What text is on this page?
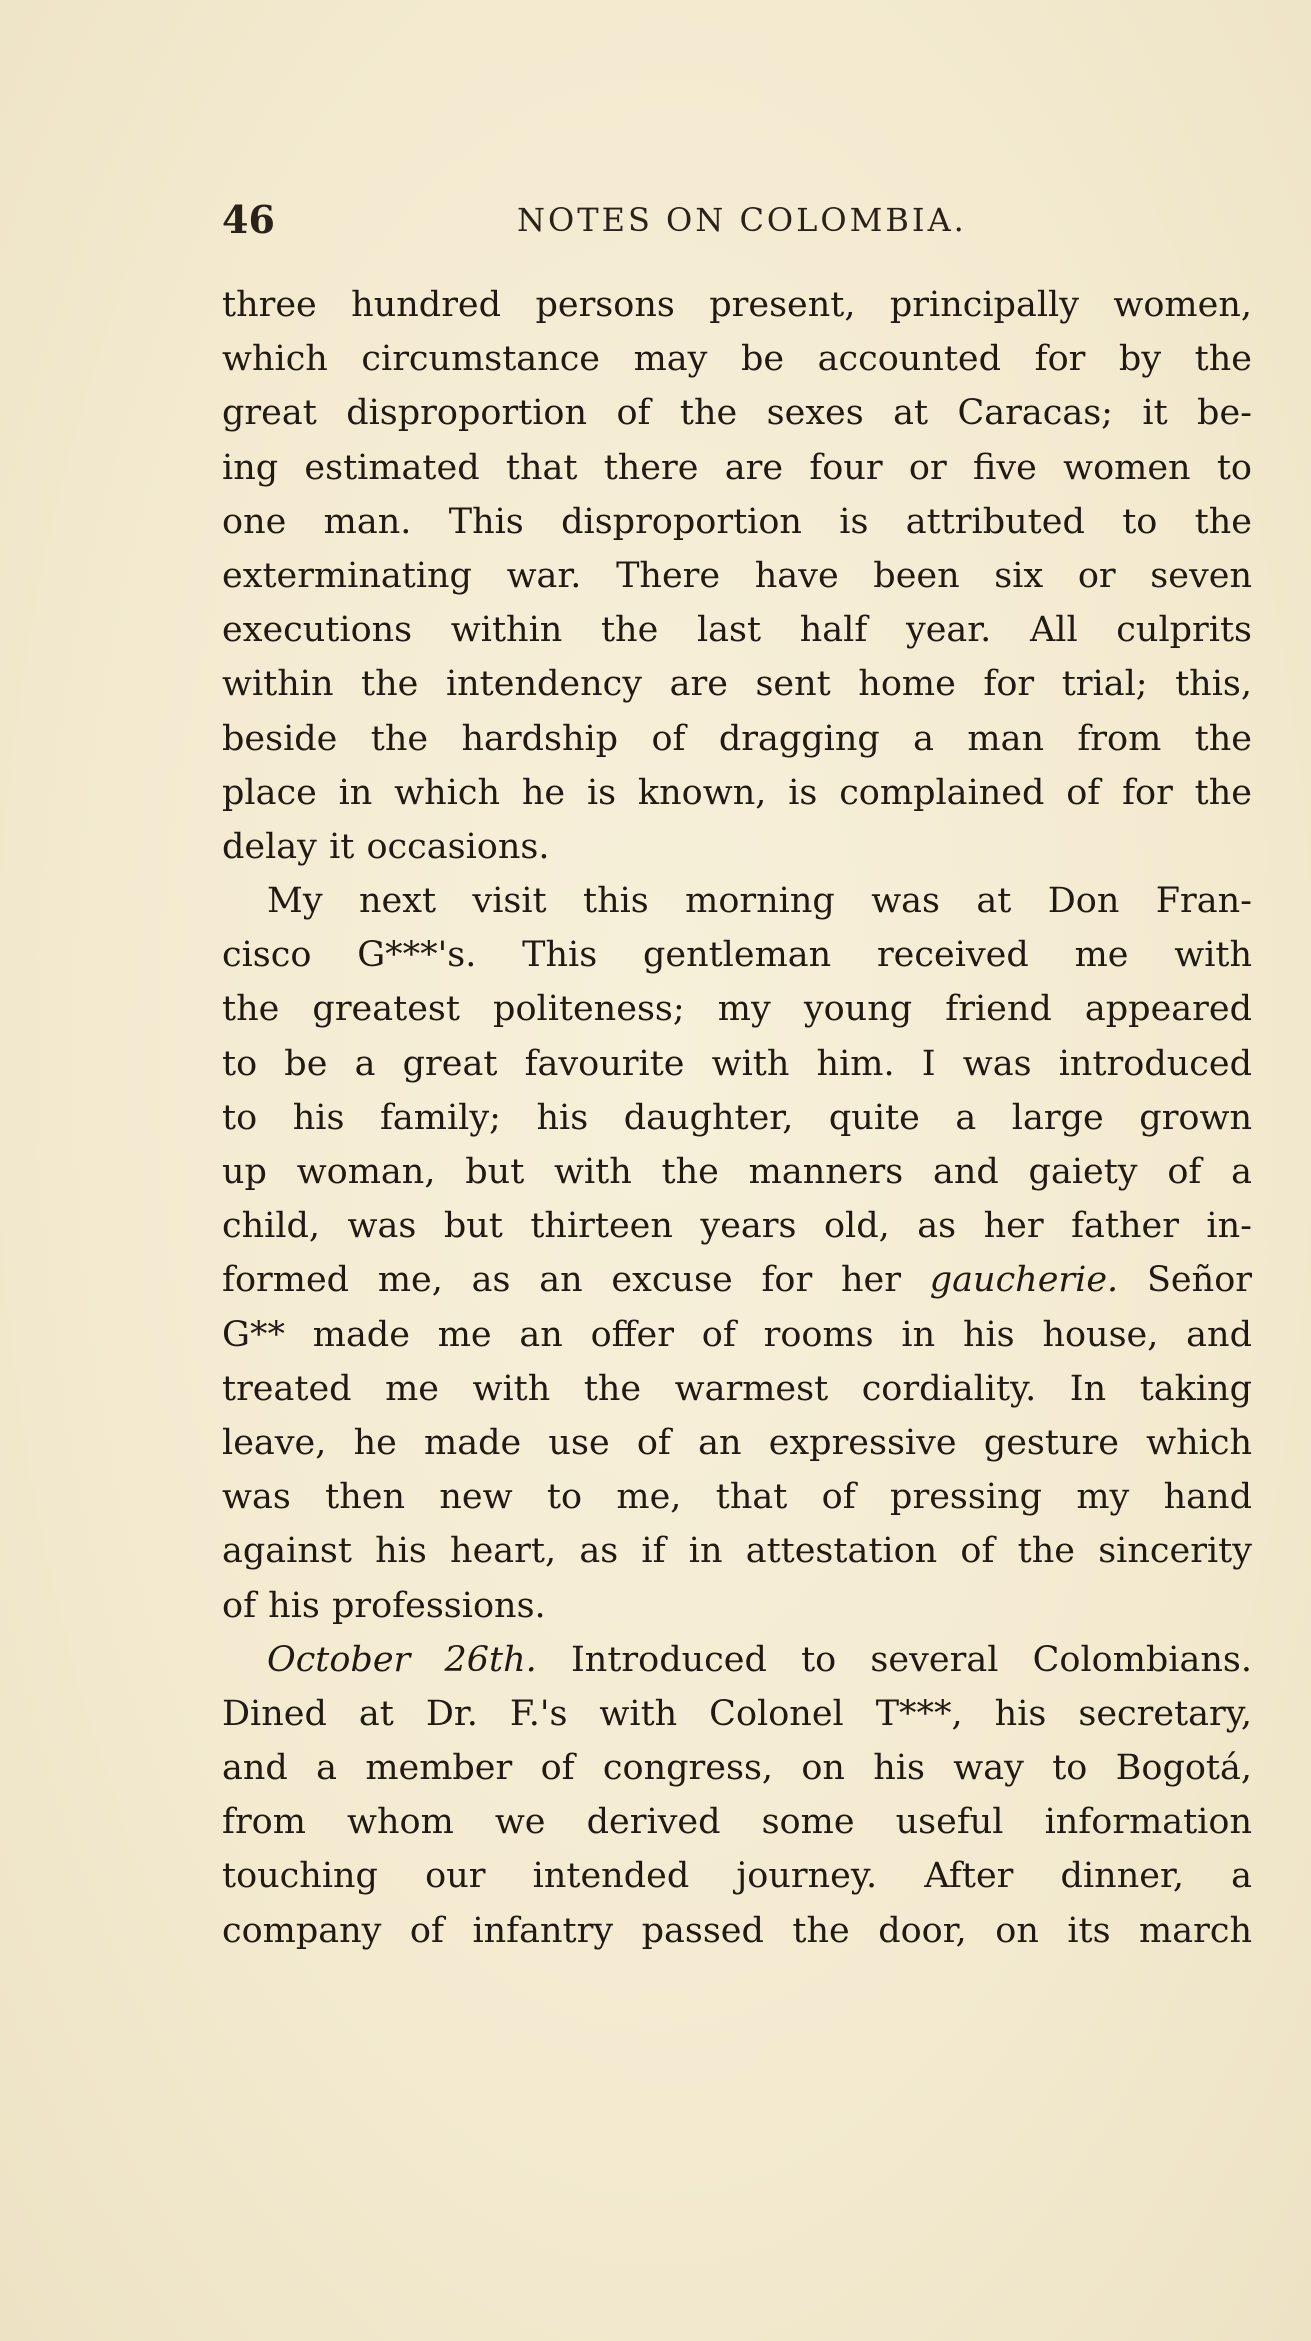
46	NOTES ON COLOMBIA.
three hundred persons present, principally women,
which circumstance may be accounted for by the
great disproportion of the sexes at Caracas; it be-
ing estimated that there are four or five women to
one man. This disproportion is attributed to the
exterminating war. There have been six or seven
executions within the last half year. All culprits
within the intendency are sent home for trial; this,
beside the hardship of dragging a man from the
place in which he is known, is complained of for the
delay it occasions.
My next visit this morning was at Don Fran-
cisco G***'s. This gentleman received me with
the greatest politeness; my young friend appeared
to be a great favourite with him. I was introduced
to his family; his daughter, quite a large grown
up woman, but with the manners and gaiety of a
child, was but thirteen years old, as her father in-
formed me, as an excuse for her gaucherie. Señor
G** made me an offer of rooms in his house, and
treated me with the warmest cordiality. In taking
leave, he made use of an expressive gesture which
was then new to me, that of pressing my hand
against his heart, as if in attestation of the sincerity
of his professions.
October 26th. Introduced to several Colombians.
Dined at Dr. F.'s with Colonel T***, his secretary,
and a member of congress, on his way to Bogotá,
from whom we derived some useful information
touching our intended journey. After dinner, a
company of infantry passed the door, on its march
